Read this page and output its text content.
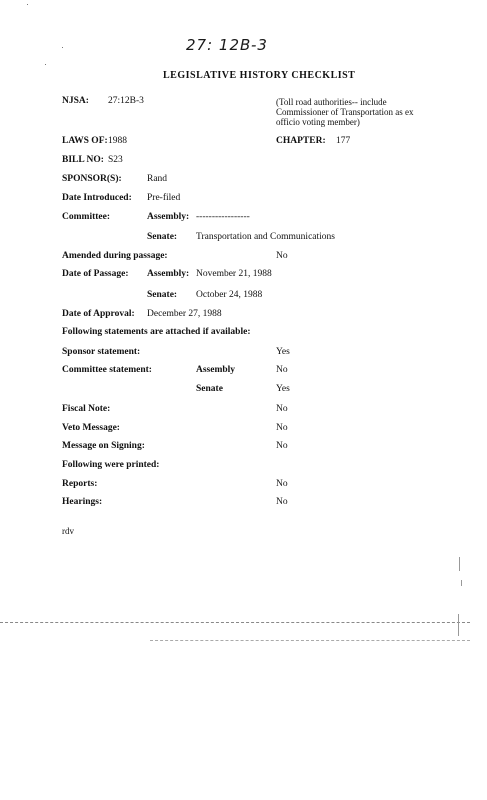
27: 12B-3
LEGISLATIVE HISTORY CHECKLIST
NJSA: 27:12B-3	(Toll road authorities-- include Commissioner of Transportation as ex officio voting member)
LAWS OF: 1988	CHAPTER: 177
BILL NO: S23
SPONSOR(S):	Rand
Date Introduced: Pre-filed
Committee:	Assembly: -----------------
Senate: Transportation and Communications
Amended during passage:	No
Date of Passage: Assembly: November 21, 1988
Senate: October 24, 1988
Date of Approval: December 27, 1988
Following statements are attached if available:
Sponsor statement:	Yes
Committee statement:	Assembly	No
Senate	Yes
Fiscal Note:	No
Veto Message:	No
Message on Signing:	No
Following were printed:
Reports:	No
Hearings:	No
rdv
